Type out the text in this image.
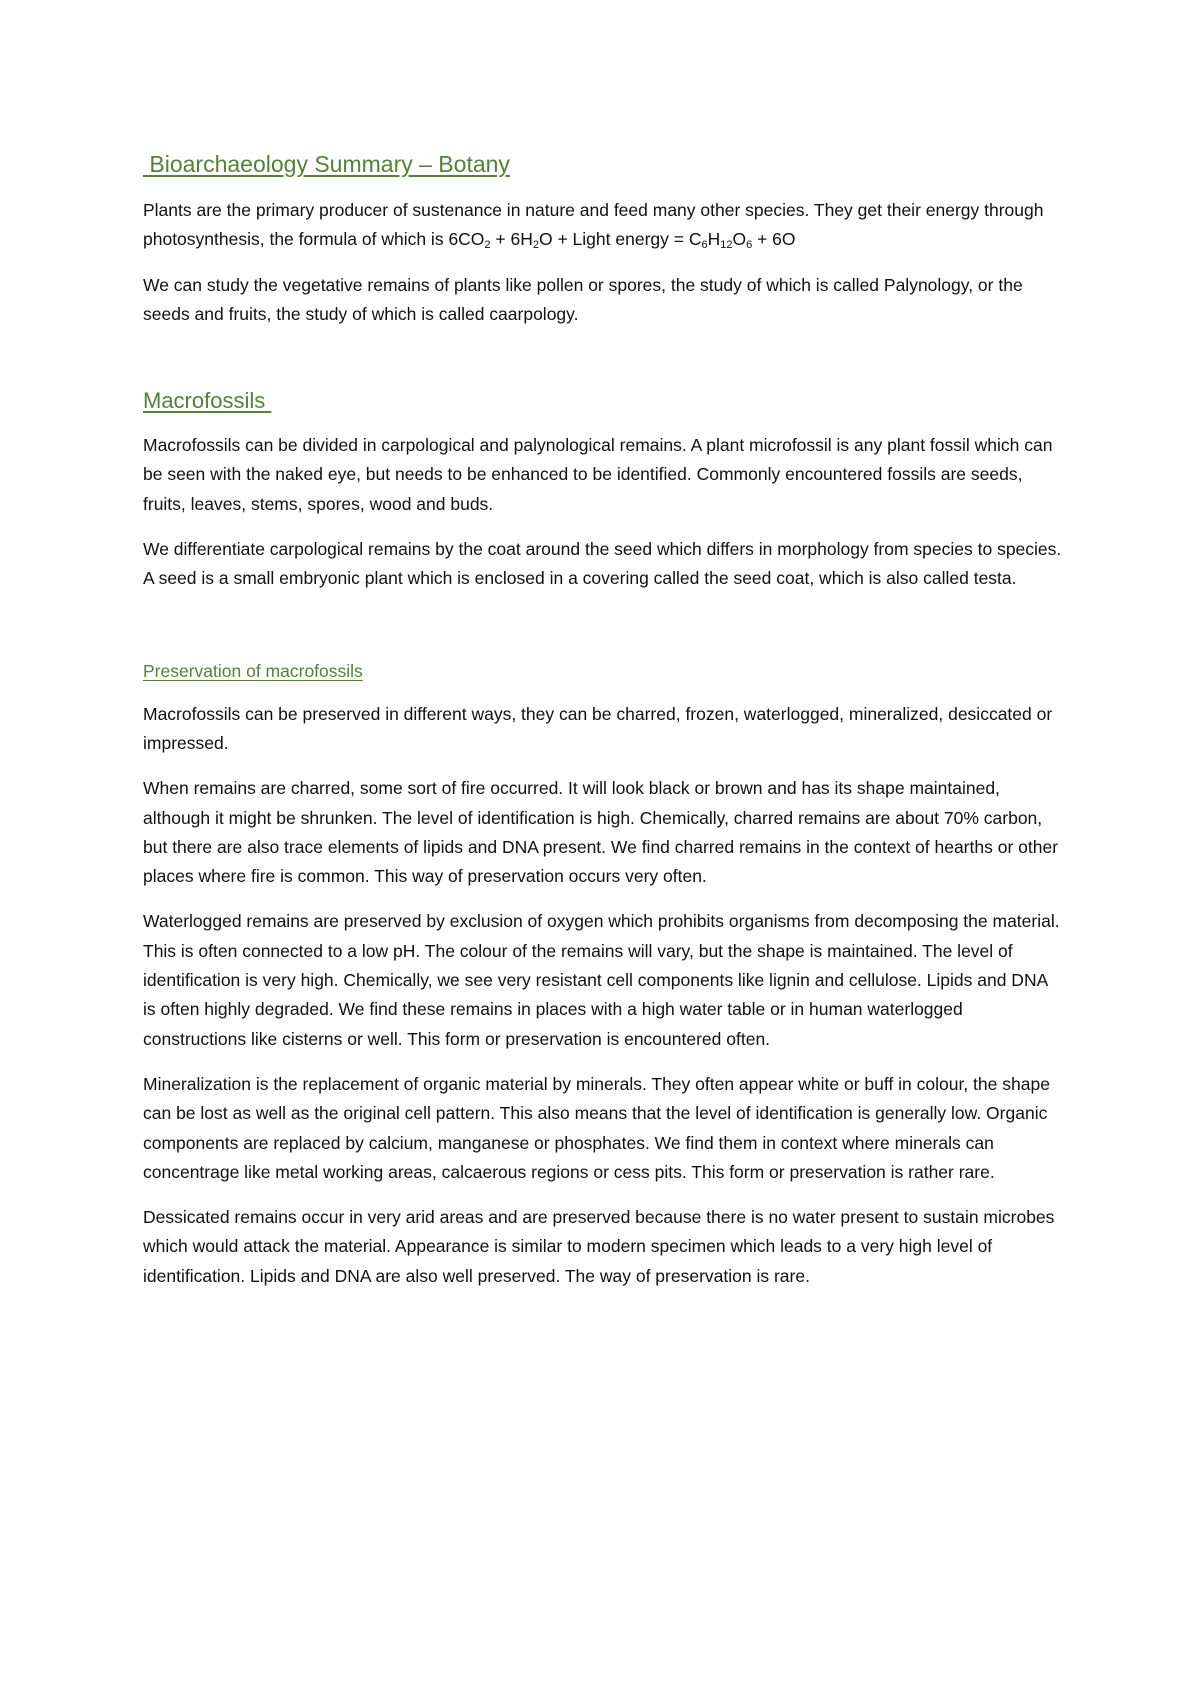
Bioarchaeology Summary – Botany

Plants are the primary producer of sustenance in nature and feed many other species. They get their energy through photosynthesis, the formula of which is $6CO_2 + 6H_2O$ + Light energy = $C_6H_{12}O_6 + 6O$

We can study the vegetative remains of plants like pollen or spores, the study of which is called Palynology, or the seeds and fruits, the study of which is called caarpology.

Macrofossils

Macrofossils can be divided in carpological and palynological remains. A plant microfossil is any plant fossil which can be seen with the naked eye, but needs to be enhanced to be identified. Commonly encountered fossils are seeds, fruits, leaves, stems, spores, wood and buds.

We differentiate carpological remains by the coat around the seed which differs in morphology from species to species. A seed is a small embryonic plant which is enclosed in a covering called the seed coat, which is also called testa.

Preservation of macrofossils

Macrofossils can be preserved in different ways, they can be charred, frozen, waterlogged, mineralized, desiccated or impressed.

When remains are charred, some sort of fire occurred. It will look black or brown and has its shape maintained, although it might be shrunken. The level of identification is high. Chemically, charred remains are about 70% carbon, but there are also trace elements of lipids and DNA present. We find charred remains in the context of hearths or other places where fire is common. This way of preservation occurs very often.

Waterlogged remains are preserved by exclusion of oxygen which prohibits organisms from decomposing the material. This is often connected to a low pH. The colour of the remains will vary, but the shape is maintained. The level of identification is very high. Chemically, we see very resistant cell components like lignin and cellulose. Lipids and DNA is often highly degraded. We find these remains in places with a high water table or in human waterlogged constructions like cisterns or well. This form or preservation is encountered often.

Mineralization is the replacement of organic material by minerals. They often appear white or buff in colour, the shape can be lost as well as the original cell pattern. This also means that the level of identification is generally low. Organic components are replaced by calcium, manganese or phosphates. We find them in context where minerals can concentrage like metal working areas, calcaerous regions or cess pits. This form or preservation is rather rare.

Dessicated remains occur in very arid areas and are preserved because there is no water present to sustain microbes which would attack the material. Appearance is similar to modern specimen which leads to a very high level of identification. Lipids and DNA are also well preserved. The way of preservation is rare.
